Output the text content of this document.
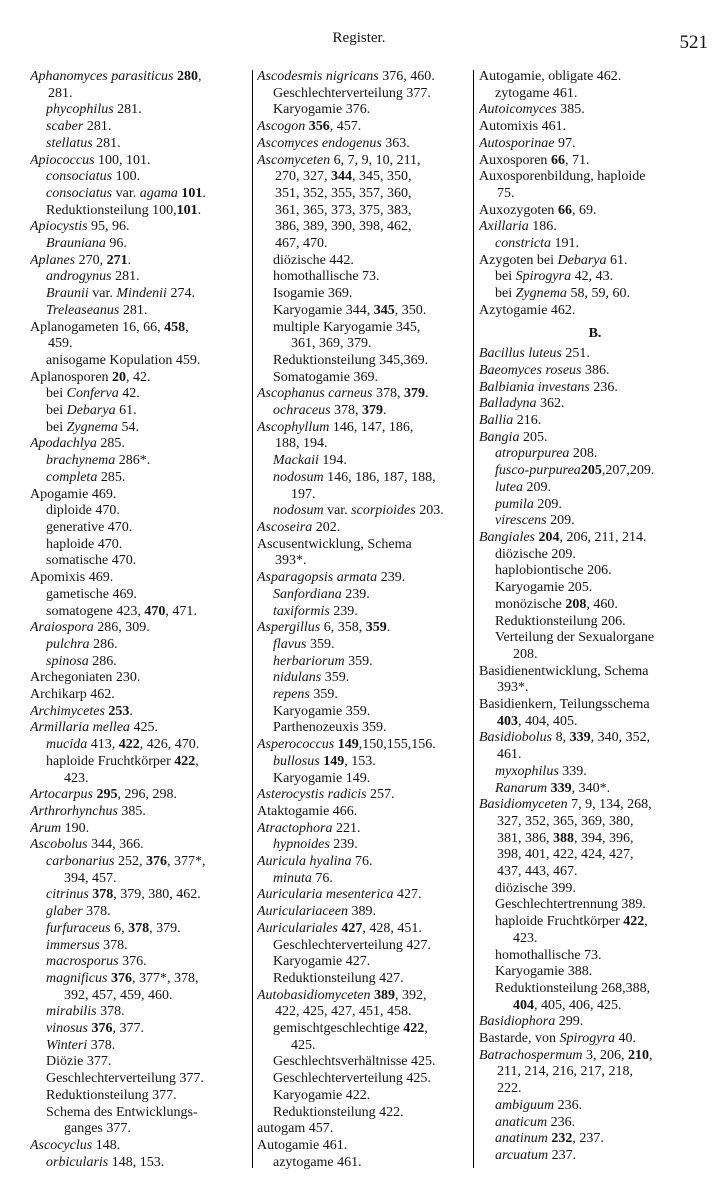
Register.	521
Aphanomyces parasiticus 280,
281.
phycophilus 281.
scaber 281.
stellatus 281.
Apiococcus 100, 101.
consociatus 100.
consociatus var. agama 101.
Reduktionsteilung 100,101.
Apiocystis 95, 96.
Brauniana 96.
Aplanes 270, 271.
androgynus 281.
Braunii var. Mindenii 274.
Treleaseanus 281.
Aplanogameten 16, 66, 458,
459.
anisogame Kopulation 459.
Aplanosporen 20, 42.
bei Conferva 42.
bei Debarya 61.
bei Zygnema 54.
Apodachlya 285.
brachynema 286*.
completa 285.
Apogamie 469.
diploide 470.
generative 470.
haploide 470.
somatische 470.
Apomixis 469.
gametische 469.
somatogene 423, 470, 471.
Araiospora 286, 309.
pulchra 286.
spinosa 286.
Archegoniaten 230.
Archikarp 462.
Archimycetes 253.
Armillaria mellea 425.
mucida 413, 422, 426, 470.
haploide Fruchtkörper 422,
423.
Artocarpus 295, 296, 298.
Arthrorhynchus 385.
Arum 190.
Ascobolus 344, 366.
carbonarius 252, 376, 377*,
394, 457.
citrinus 378, 379, 380, 462.
glaber 378.
furfuraceus 6, 378, 379.
immersus 378.
macrosporus 376.
magnificus 376, 377*, 378,
392, 457, 459, 460.
mirabilis 378.
vinosus 376, 377.
Winteri 378.
Diözie 377.
Geschlechterverteilung 377.
Reduktionsteilung 377.
Schema des Entwicklungs-
ganges 377.
Ascocyclus 148.
orbicularis 148, 153.
Ascodesmis nigricans 376, 460.
Geschlechterverteilung 377.
Karyogamie 376.
Ascogon 356, 457.
Ascomyces endogenus 363.
Ascomyceten 6, 7, 9, 10, 211,
270, 327, 344, 345, 350,
351, 352, 355, 357, 360,
361, 365, 373, 375, 383,
386, 389, 390, 398, 462,
467, 470.
diözische 442.
homothallische 73.
Isogamie 369.
Karyogamie 344, 345, 350.
multiple Karyogamie 345,
361, 369, 379.
Reduktionsteilung 345,369.
Somatogamie 369.
Ascophanus carneus 378, 379.
ochraceus 378, 379.
Ascophyllum 146, 147, 186,
188, 194.
Mackaii 194.
nodosum 146, 186, 187, 188,
197.
nodosum var. scorpioides 203.
Ascoseira 202.
Ascusentwicklung, Schema
393*.
Asparagopsis armata 239.
Sanfordiana 239.
taxiformis 239.
Aspergillus 6, 358, 359.
flavus 359.
herbariorum 359.
nidulans 359.
repens 359.
Karyogamie 359.
Parthenozeuxis 359.
Asperococcus 149,150,155,156.
bullosus 149, 153.
Karyogamie 149.
Asterocystis radicis 257.
Ataktogamie 466.
Atractophora 221.
hypnoides 239.
Auricula hyalina 76.
minuta 76.
Auricularia mesenterica 427.
Auriculariaceen 389.
Auriculariales 427, 428, 451.
Geschlechterverteilung 427.
Karyogamie 427.
Reduktionsteilung 427.
Autobasidiomyceten 389, 392,
422, 425, 427, 451, 458.
gemischtgeschlechtige 422,
425.
Geschlechtsverhältnisse 425.
Geschlechterverteilung 425.
Karyogamie 422.
Reduktionsteilung 422.
autogam 457.
Autogamie 461.
azytogame 461.
Autogamie, obligate 462.
zytogame 461.
Autoicomyces 385.
Automixis 461.
Autosporinae 97.
Auxosporen 66, 71.
Auxosporenbildung, haploide
75.
Auxozygoten 66, 69.
Axillaria 186.
constricta 191.
Azygoten bei Debarya 61.
bei Spirogyra 42, 43.
bei Zygnema 58, 59, 60.
Azytogamie 462.
B.
Bacillus luteus 251.
Baeomyces roseus 386.
Balbiania investans 236.
Balladyna 362.
Ballia 216.
Bangia 205.
atropurpurea 208.
fusco-purpurea205,207,209.
lutea 209.
pumila 209.
virescens 209.
Bangiales 204, 206, 211, 214.
diözische 209.
haplobiontische 206.
Karyogamie 205.
monözische 208, 460.
Reduktionsteilung 206.
Verteilung der Sexualorgane
208.
Basidienentwicklung, Schema
393*.
Basidienkern, Teilungsschema
403, 404, 405.
Basidiobolus 8, 339, 340, 352,
461.
myxophilus 339.
Ranarum 339, 340*.
Basidiomyceten 7, 9, 134, 268,
327, 352, 365, 369, 380,
381, 386, 388, 394, 396,
398, 401, 422, 424, 427,
437, 443, 467.
diözische 399.
Geschlechtertrennung 389.
haploide Fruchtkörper 422,
423.
homothallische 73.
Karyogamie 388.
Reduktionsteilung 268,388,
404, 405, 406, 425.
Basidiophora 299.
Bastarde, von Spirogyra 40.
Batrachospermum 3, 206, 210,
211, 214, 216, 217, 218,
222.
ambiguum 236.
anaticum 236.
anatinum 232, 237.
arcuatum 237.
